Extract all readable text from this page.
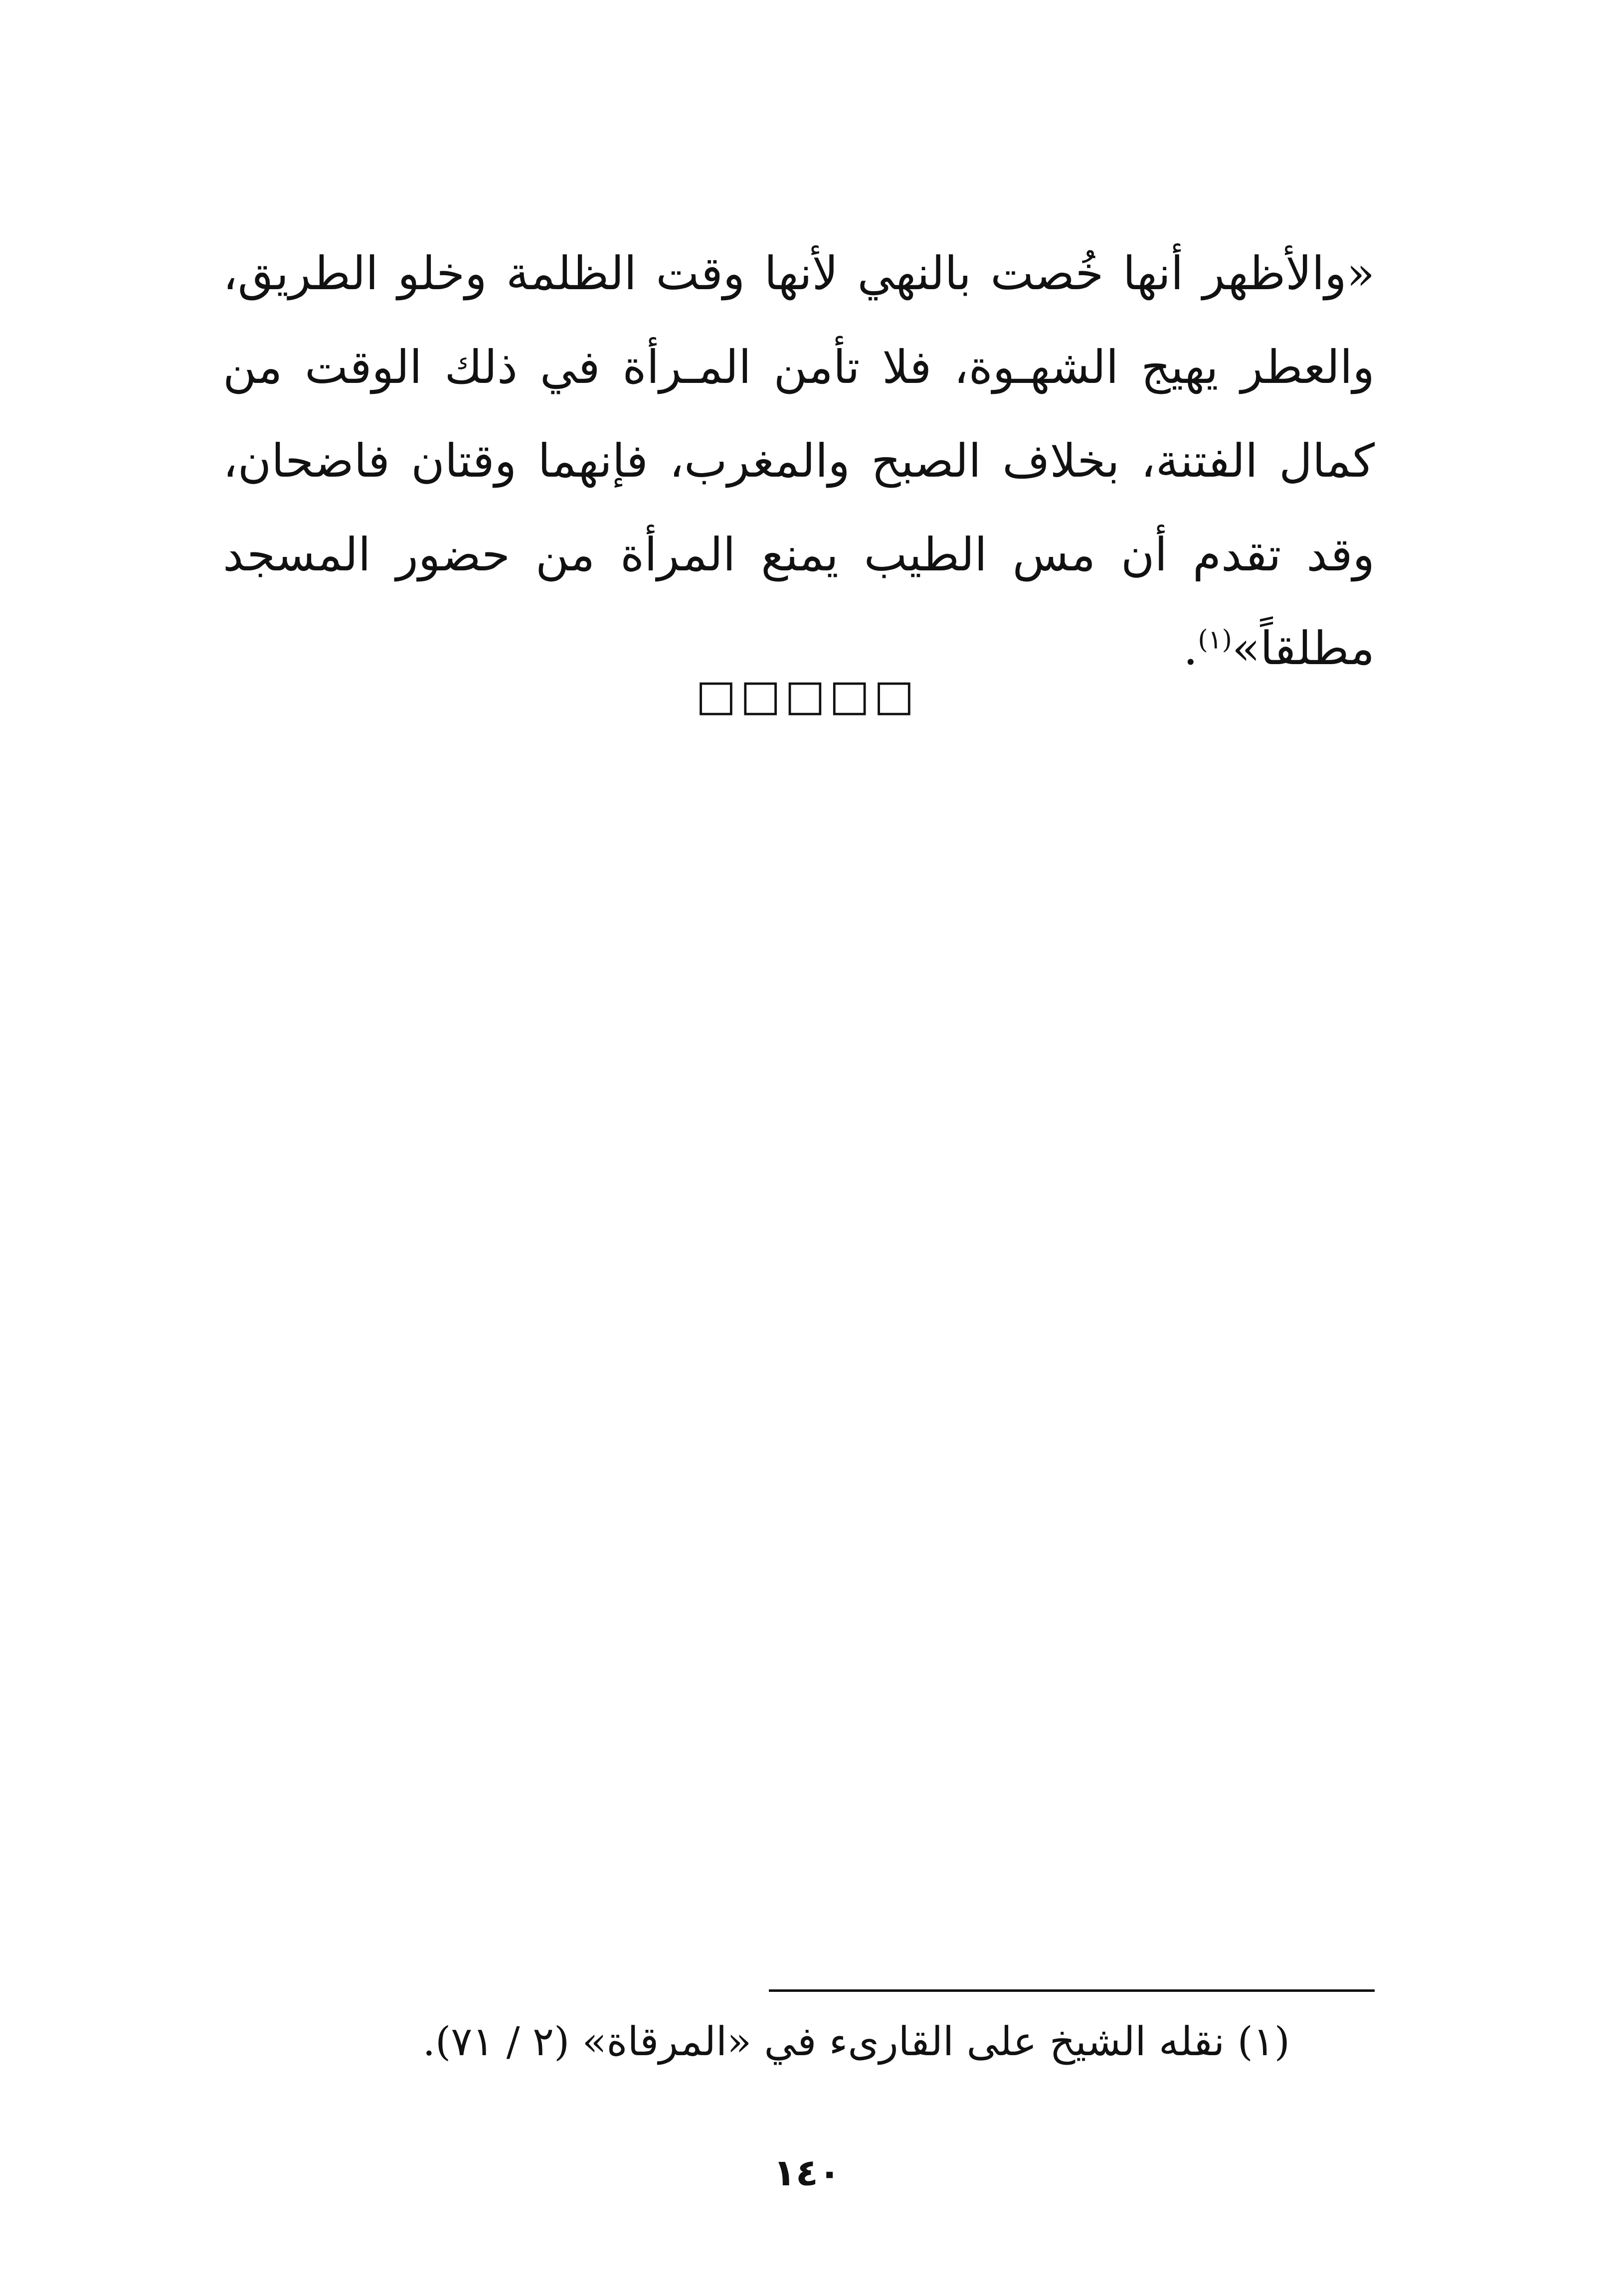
«والأظهر أنها خُصت بالنهي لأنها وقت الظلمة وخلو الطريق، والعطر يهيج الشهـوة، فلا تأمن المـرأة في ذلك الوقت من كمال الفتنة، بخلاف الصبح والمغرب، فإنهما وقتان فاضحان، وقد تقدم أن مس الطيب يمنع المرأة من حضور المسجد مطلقاً»$^{(١)}$.

□□□□□
(١) نقله الشيخ على القارىء في «المرقاة» (٢ / ٧١).
١٤٠
